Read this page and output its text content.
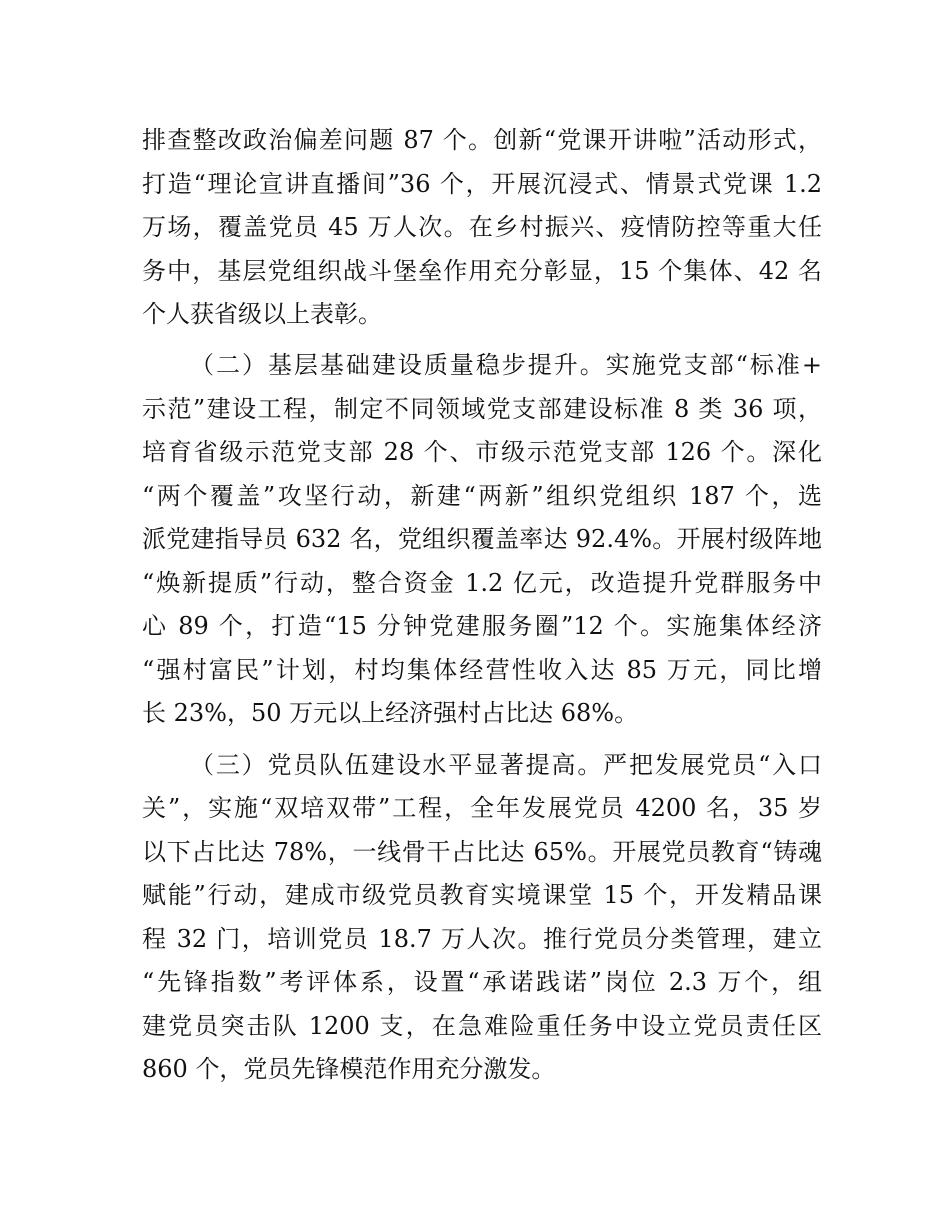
排查整改政治偏差问题 87 个。创新“党课开讲啦”活动形式，
打造“理论宣讲直播间”36 个，开展沉浸式、情景式党课 1.2
万场，覆盖党员 45 万人次。在乡村振兴、疫情防控等重大任
务中，基层党组织战斗堡垒作用充分彰显，15 个集体、42 名
个人获省级以上表彰。
（二）基层基础建设质量稳步提升。实施党支部“标准+
示范”建设工程，制定不同领域党支部建设标准 8 类 36 项，
培育省级示范党支部 28 个、市级示范党支部 126 个。深化
“两个覆盖”攻坚行动，新建“两新”组织党组织 187 个，选
派党建指导员 632 名，党组织覆盖率达 92.4%。开展村级阵地
“焕新提质”行动，整合资金 1.2 亿元，改造提升党群服务中
心 89 个，打造“15 分钟党建服务圈”12 个。实施集体经济
“强村富民”计划，村均集体经营性收入达 85 万元，同比增
长 23%，50 万元以上经济强村占比达 68%。
（三）党员队伍建设水平显著提高。严把发展党员“入口
关”，实施“双培双带”工程，全年发展党员 4200 名，35 岁
以下占比达 78%，一线骨干占比达 65%。开展党员教育“铸魂
赋能”行动，建成市级党员教育实境课堂 15 个，开发精品课
程 32 门，培训党员 18.7 万人次。推行党员分类管理，建立
“先锋指数”考评体系，设置“承诺践诺”岗位 2.3 万个，组
建党员突击队 1200 支，在急难险重任务中设立党员责任区
860 个，党员先锋模范作用充分激发。
